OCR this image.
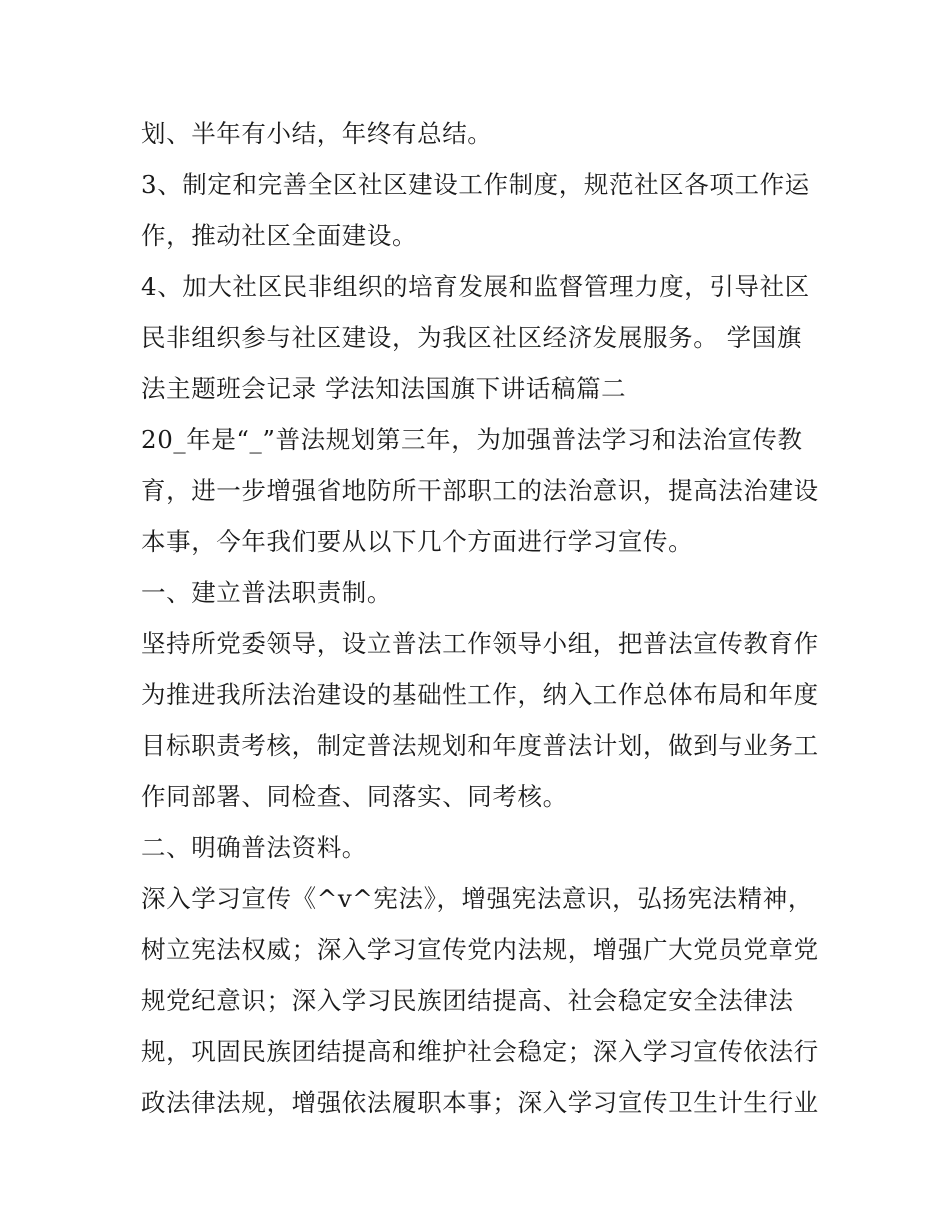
划、半年有小结，年终有总结。
3、制定和完善全区社区建设工作制度，规范社区各项工作运
作，推动社区全面建设。
4、加大社区民非组织的培育发展和监督管理力度，引导社区
民非组织参与社区建设，为我区社区经济发展服务。 学国旗
法主题班会记录 学法知法国旗下讲话稿篇二
20_年是“_”普法规划第三年，为加强普法学习和法治宣传教
育，进一步增强省地防所干部职工的法治意识，提高法治建设
本事，今年我们要从以下几个方面进行学习宣传。
一、建立普法职责制。
坚持所党委领导，设立普法工作领导小组，把普法宣传教育作
为推进我所法治建设的基础性工作，纳入工作总体布局和年度
目标职责考核，制定普法规划和年度普法计划，做到与业务工
作同部署、同检查、同落实、同考核。
二、明确普法资料。
深入学习宣传《^v^宪法》，增强宪法意识，弘扬宪法精神，
树立宪法权威；深入学习宣传党内法规，增强广大党员党章党
规党纪意识；深入学习民族团结提高、社会稳定安全法律法
规，巩固民族团结提高和维护社会稳定；深入学习宣传依法行
政法律法规，增强依法履职本事；深入学习宣传卫生计生行业
